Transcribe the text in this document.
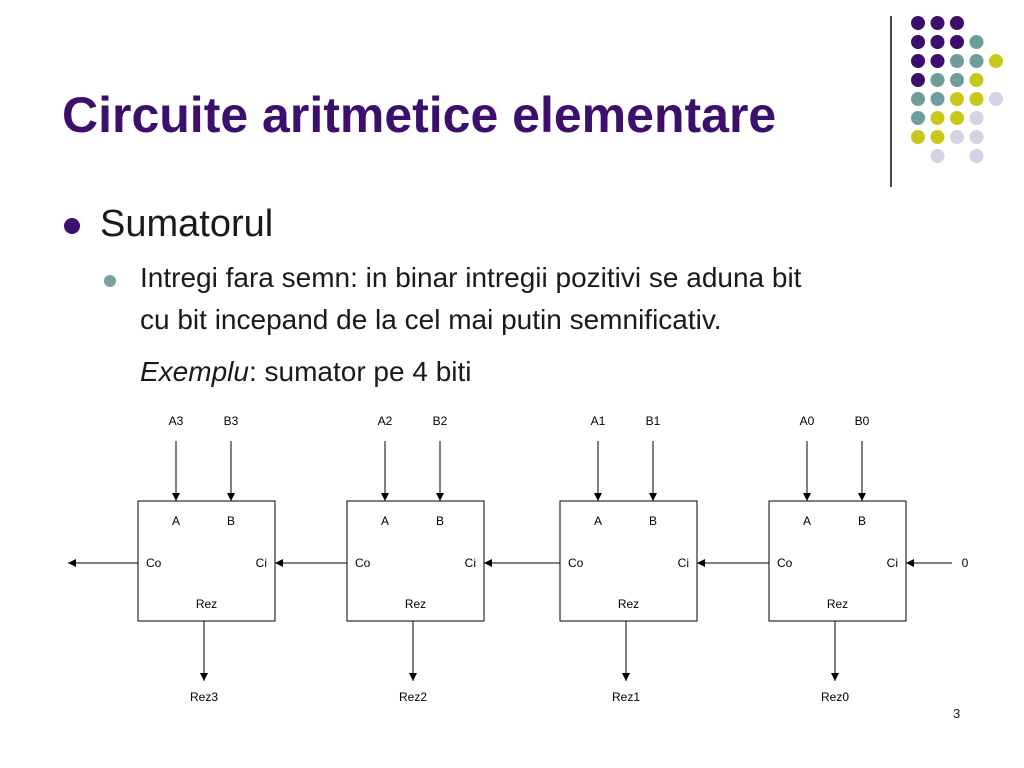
Circuite aritmetice elementare
Sumatorul
Intregi fara semn: in binar intregii pozitivi se aduna bit
cu bit incepand de la cel mai putin semnificativ.
Exemplu: sumator pe 4 biti
A3	B3
A	B
Co	Ci
Rez
Rez3
A2	B2
A	B
Co	Ci
Rez
Rez2
A1	B1
A	B
Co	Ci
Rez
Rez1
A0	B0
A	B
Co	Ci
Rez
Rez0
0
3
